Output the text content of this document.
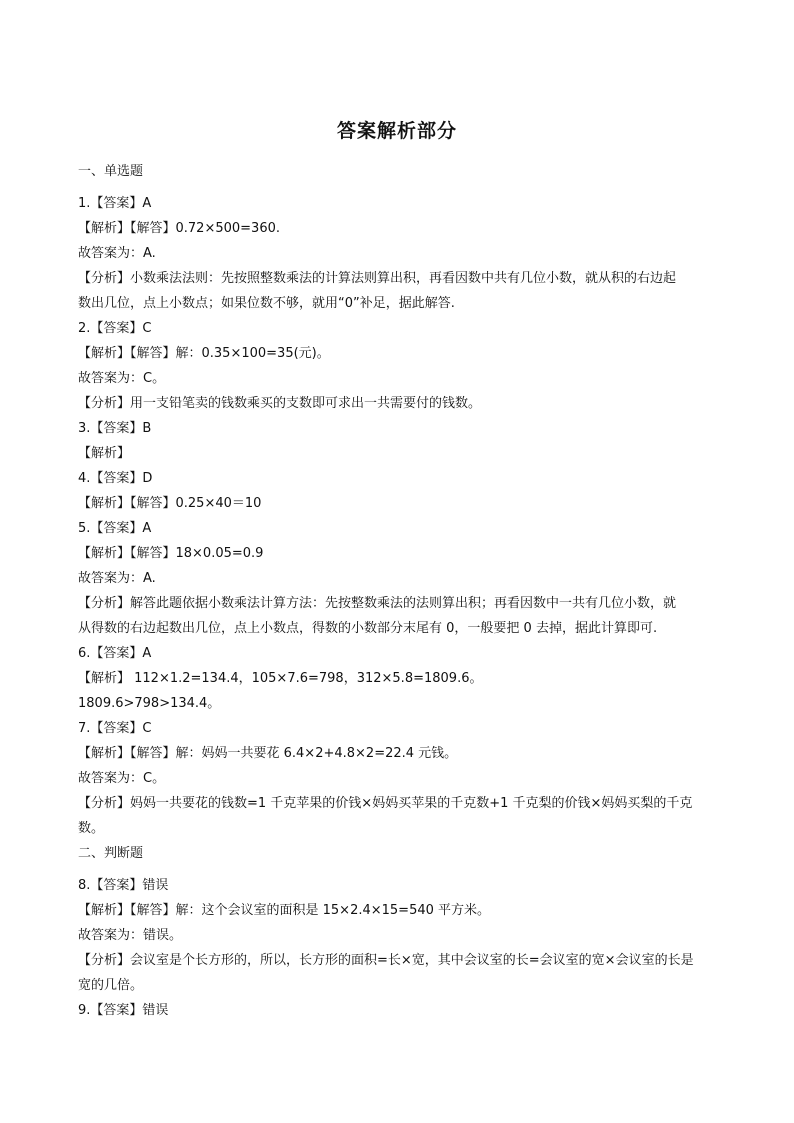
答案解析部分
一、单选题
1.【答案】A
【解析】【解答】0.72×500=360.
故答案为：A.
【分析】小数乘法法则：先按照整数乘法的计算法则算出积，再看因数中共有几位小数，就从积的右边起
数出几位，点上小数点；如果位数不够，就用“0”补足，据此解答.
2.【答案】C
【解析】【解答】解：0.35×100=35(元)。
故答案为：C。
【分析】用一支铅笔卖的钱数乘买的支数即可求出一共需要付的钱数。
3.【答案】B
【解析】
4.【答案】D
【解析】【解答】0.25×40＝10
5.【答案】A
【解析】【解答】18×0.05=0.9
故答案为：A.
【分析】解答此题依据小数乘法计算方法：先按整数乘法的法则算出积；再看因数中一共有几位小数，就
从得数的右边起数出几位，点上小数点，得数的小数部分末尾有 0，一般要把 0 去掉，据此计算即可.
6.【答案】A
【解析】 112×1.2=134.4，105×7.6=798，312×5.8=1809.6。
1809.6>798>134.4。
7.【答案】C
【解析】【解答】解：妈妈一共要花 6.4×2+4.8×2=22.4 元钱。
故答案为：C。
【分析】妈妈一共要花的钱数=1 千克苹果的价钱×妈妈买苹果的千克数+1 千克梨的价钱×妈妈买梨的千克
数。
二、判断题
8.【答案】错误
【解析】【解答】解：这个会议室的面积是 15×2.4×15=540 平方米。
故答案为：错误。
【分析】会议室是个长方形的，所以，长方形的面积=长×宽，其中会议室的长=会议室的宽×会议室的长是
宽的几倍。
9.【答案】错误
